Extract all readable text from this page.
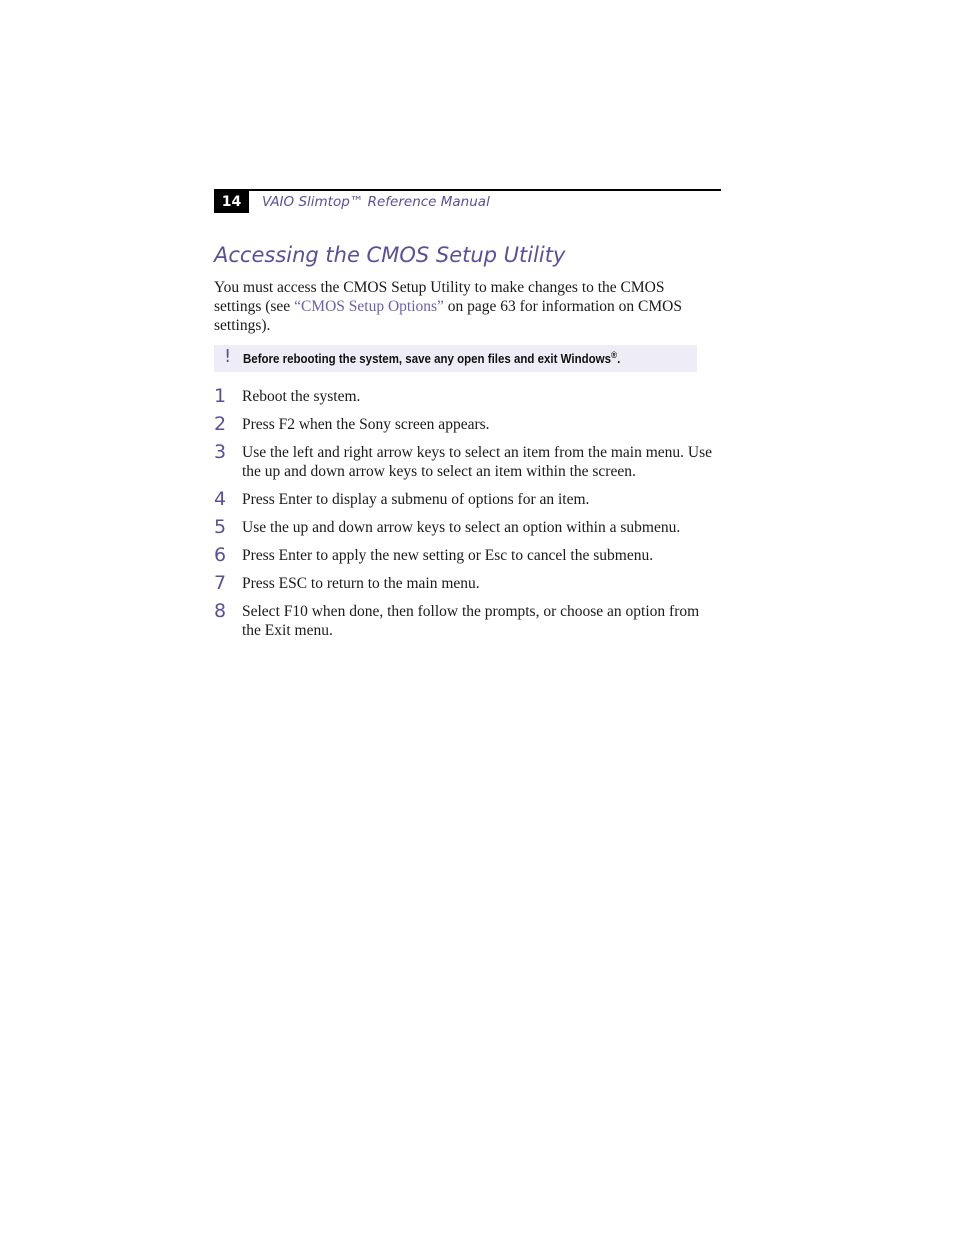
14	VAIO Slimtop™ Reference Manual
Accessing the CMOS Setup Utility

You must access the CMOS Setup Utility to make changes to the CMOS settings (see “CMOS Setup Options” on page 63 for information on CMOS settings).

! Before rebooting the system, save any open files and exit Windows®.
1 Reboot the system.
2 Press F2 when the Sony screen appears.
3 Use the left and right arrow keys to select an item from the main menu. Use the up and down arrow keys to select an item within the screen.
4 Press Enter to display a submenu of options for an item.
5 Use the up and down arrow keys to select an option within a submenu.
6 Press Enter to apply the new setting or Esc to cancel the submenu.
7 Press ESC to return to the main menu.
8 Select F10 when done, then follow the prompts, or choose an option from the Exit menu.
